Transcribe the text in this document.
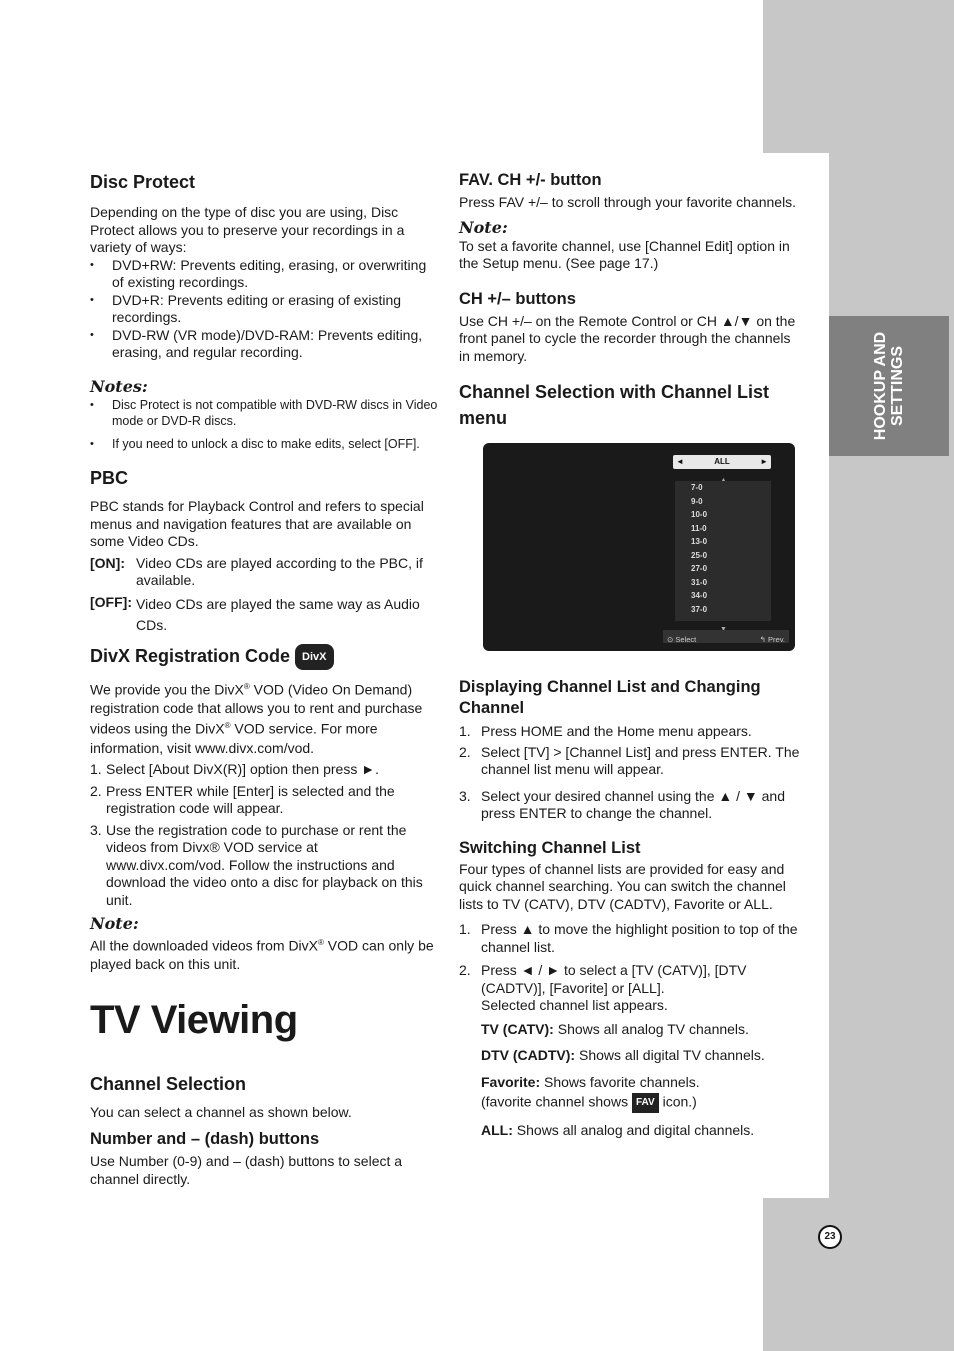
HOOKUP AND
SETTINGS
23
Disc Protect

Depending on the type of disc you are using, Disc Protect allows you to preserve your recordings in a variety of ways:

• DVD+RW: Prevents editing, erasing, or overwriting of existing recordings.
• DVD+R: Prevents editing or erasing of existing recordings.
• DVD-RW (VR mode)/DVD-RAM: Prevents editing, erasing, and regular recording.

Notes:

• Disc Protect is not compatible with DVD-RW discs in Video mode or DVD-R discs.
• If you need to unlock a disc to make edits, select [OFF].
PBC

PBC stands for Playback Control and refers to special menus and navigation features that are available on some Video CDs.

[ON]: Video CDs are played according to the PBC, if available.
[OFF]: Video CDs are played the same way as Audio CDs.
DivX Registration Code DivX

We provide you the DivX® VOD (Video On Demand) registration code that allows you to rent and purchase videos using the DivX® VOD service. For more information, visit www.divx.com/vod.

1. Select [About DivX(R)] option then press ►.
2. Press ENTER while [Enter] is selected and the registration code will appear.
3. Use the registration code to purchase or rent the videos from Divx® VOD service at www.divx.com/vod. Follow the instructions and download the video onto a disc for playback on this unit.

Note:

All the downloaded videos from DivX® VOD can only be played back on this unit.

TV Viewing

Channel Selection

You can select a channel as shown below.

Number and – (dash) buttons

Use Number (0-9) and – (dash) buttons to select a channel directly.

FAV. CH +/- button

Press FAV +/– to scroll through your favorite channels.

Note:

To set a favorite channel, use [Channel Edit] option in the Setup menu. (See page 17.)

CH +/– buttons

Use CH +/– on the Remote Control or CH ▲/▼ on the front panel to cycle the recorder through the channels in memory.

Channel Selection with Channel List menu
◄	ALL	►
7-0
9-0
10-0
11-0
13-0
25-0
27-0
31-0
34-0
37-0
⊙ Select	↰ Prev.
Displaying Channel List and Changing Channel
1. Press HOME and the Home menu appears.
2. Select [TV] > [Channel List] and press ENTER. The channel list menu will appear.
3. Select your desired channel using the ▲ / ▼ and press ENTER to change the channel.
Switching Channel List

Four types of channel lists are provided for easy and quick channel searching. You can switch the channel lists to TV (CATV), DTV (CADTV), Favorite or ALL.

1. Press ▲ to move the highlight position to top of the channel list.
2. Press ◄ / ► to select a [TV (CATV)], [DTV (CADTV)], [Favorite] or [ALL].

Selected channel list appears.

TV (CATV): Shows all analog TV channels.

DTV (CADTV): Shows all digital TV channels.

Favorite: Shows favorite channels.

(favorite channel shows FAV icon.)

ALL: Shows all analog and digital channels.
